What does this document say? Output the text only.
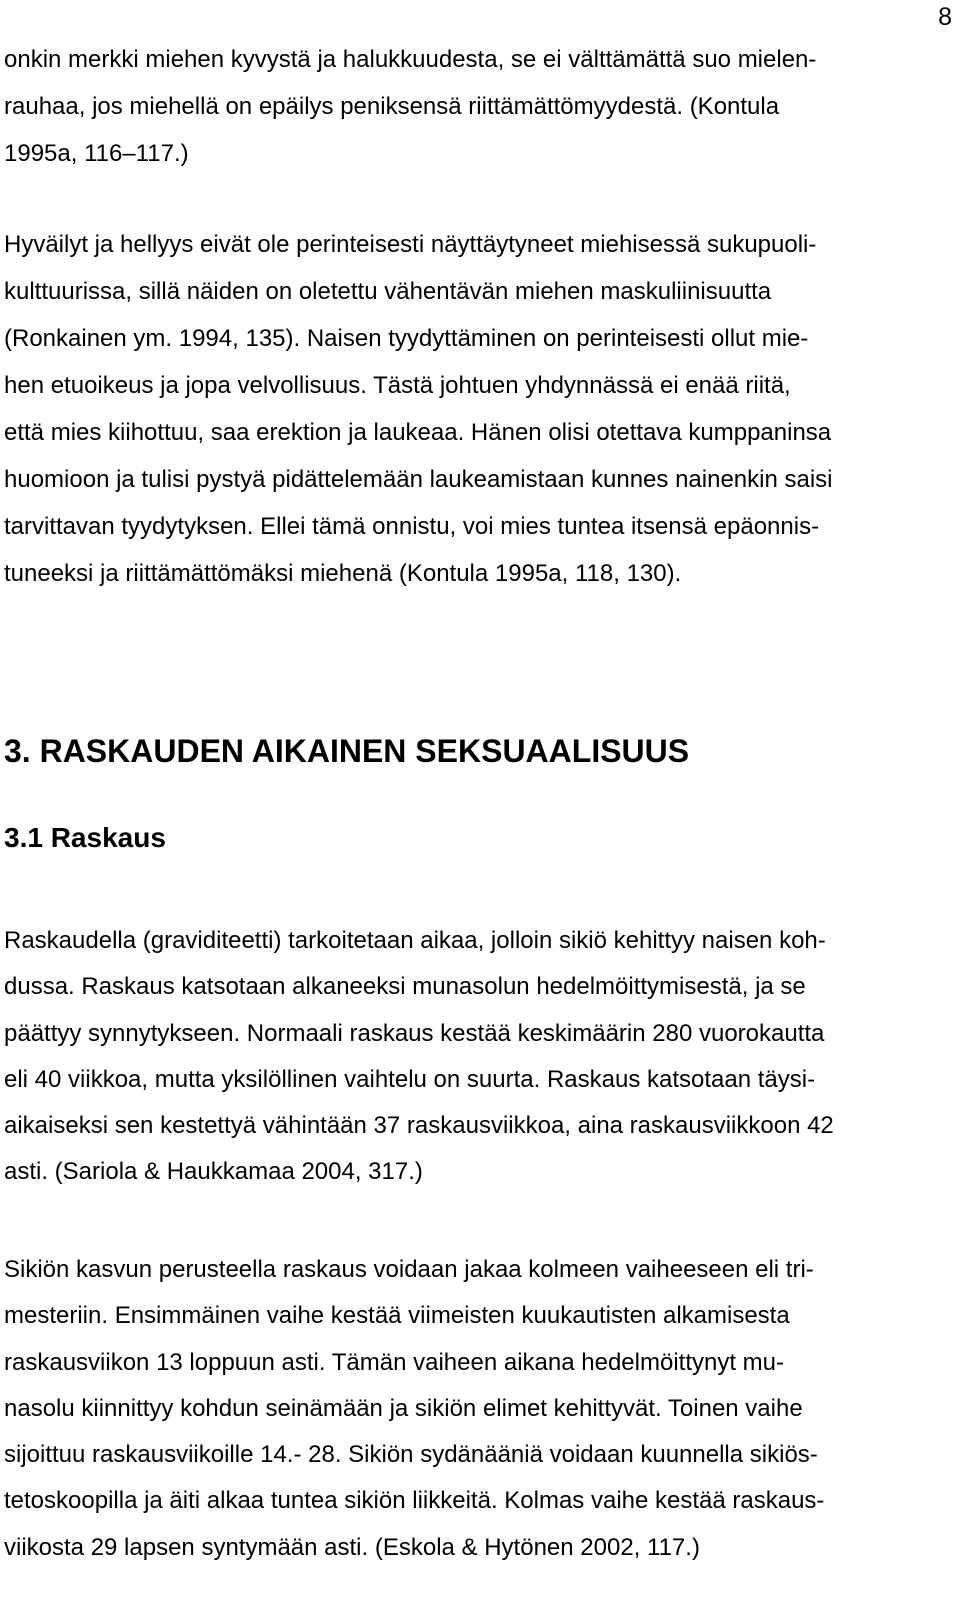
8

onkin merkki miehen kyvystä ja halukkuudesta, se ei välttämättä suo mielen-
rauhaa, jos miehellä on epäilys peniksensä riittämättömyydestä. (Kontula
1995a, 116–117.)

Hyväilyt ja hellyys eivät ole perinteisesti näyttäytyneet miehisessä sukupuoli-
kulttuurissa, sillä näiden on oletettu vähentävän miehen maskuliinisuutta
(Ronkainen ym. 1994, 135). Naisen tyydyttäminen on perinteisesti ollut mie-
hen etuoikeus ja jopa velvollisuus. Tästä johtuen yhdynnässä ei enää riitä,
että mies kiihottuu, saa erektion ja laukeaa. Hänen olisi otettava kumppaninsa
huomioon ja tulisi pystyä pidättelemään laukeamistaan kunnes nainenkin saisi
tarvittavan tyydytyksen. Ellei tämä onnistu, voi mies tuntea itsensä epäonnis-
tuneeksi ja riittämättömäksi miehenä (Kontula 1995a, 118, 130).

3. RASKAUDEN AIKAINEN SEKSUAALISUUS
3.1 Raskaus

Raskaudella (graviditeetti) tarkoitetaan aikaa, jolloin sikiö kehittyy naisen koh-
dussa. Raskaus katsotaan alkaneeksi munasolun hedelmöittymisestä, ja se
päättyy synnytykseen. Normaali raskaus kestää keskimäärin 280 vuorokautta
eli 40 viikkoa, mutta yksilöllinen vaihtelu on suurta. Raskaus katsotaan täysi-
aikaiseksi sen kestettyä vähintään 37 raskausviikkoa, aina raskausviikkoon 42
asti. (Sariola & Haukkamaa 2004, 317.)

Sikiön kasvun perusteella raskaus voidaan jakaa kolmeen vaiheeseen eli tri-
mesteriin. Ensimmäinen vaihe kestää viimeisten kuukautisten alkamisesta
raskausviikon 13 loppuun asti. Tämän vaiheen aikana hedelmöittynyt mu-
nasolu kiinnittyy kohdun seinämään ja sikiön elimet kehittyvät. Toinen vaihe
sijoittuu raskausviikoille 14.- 28. Sikiön sydänääniä voidaan kuunnella sikiös-
tetoskoopilla ja äiti alkaa tuntea sikiön liikkeitä. Kolmas vaihe kestää raskaus-
viikosta 29 lapsen syntymään asti. (Eskola & Hytönen 2002, 117.)
